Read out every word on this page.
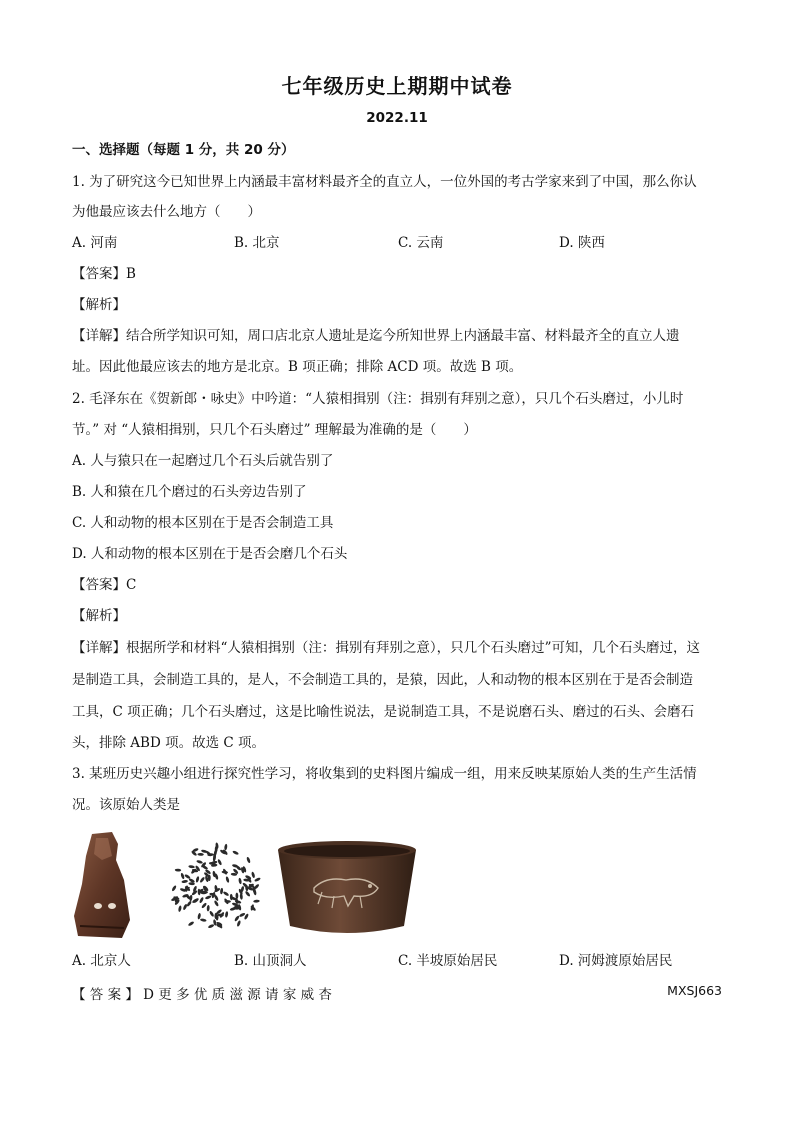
七年级历史上期期中试卷
2022.11
一、选择题（每题 1 分，共 20 分）
1. 为了研究这今已知世界上内涵最丰富材料最齐全的直立人，一位外国的考古学家来到了中国，那么你认
为他最应该去什么地方（　　）
A. 河南	B. 北京	C. 云南	D. 陕西
【答案】B
【解析】
【详解】结合所学知识可知，周口店北京人遗址是迄今所知世界上内涵最丰富、材料最齐全的直立人遗
址。因此他最应该去的地方是北京。B 项正确；排除 ACD 项。故选 B 项。
2. 毛泽东在《贺新郎・咏史》中吟道：“人猿相揖别（注：揖别有拜别之意），只几个石头磨过，小儿时
节。” 对 “人猿相揖别，只几个石头磨过” 理解最为准确的是（　　）
A. 人与猿只在一起磨过几个石头后就告别了
B. 人和猿在几个磨过的石头旁边告别了
C. 人和动物的根本区别在于是否会制造工具
D. 人和动物的根本区别在于是否会磨几个石头
【答案】C
【解析】
【详解】根据所学和材料“人猿相揖别（注：揖别有拜别之意），只几个石头磨过”可知，几个石头磨过，这
是制造工具，会制造工具的，是人，不会制造工具的，是猿，因此，人和动物的根本区别在于是否会制造
工具，C 项正确；几个石头磨过，这是比喻性说法，是说制造工具，不是说磨石头、磨过的石头、会磨石
头，排除 ABD 项。故选 C 项。
3. 某班历史兴趣小组进行探究性学习，将收集到的史料图片编成一组，用来反映某原始人类的生产生活情
况。该原始人类是
A. 北京人	B. 山顶洞人	C. 半坡原始居民	D. 河姆渡原始居民
【 答 案 】 D 更 多 优 质 滋 源 请 家 威 杏	MXSJ663
